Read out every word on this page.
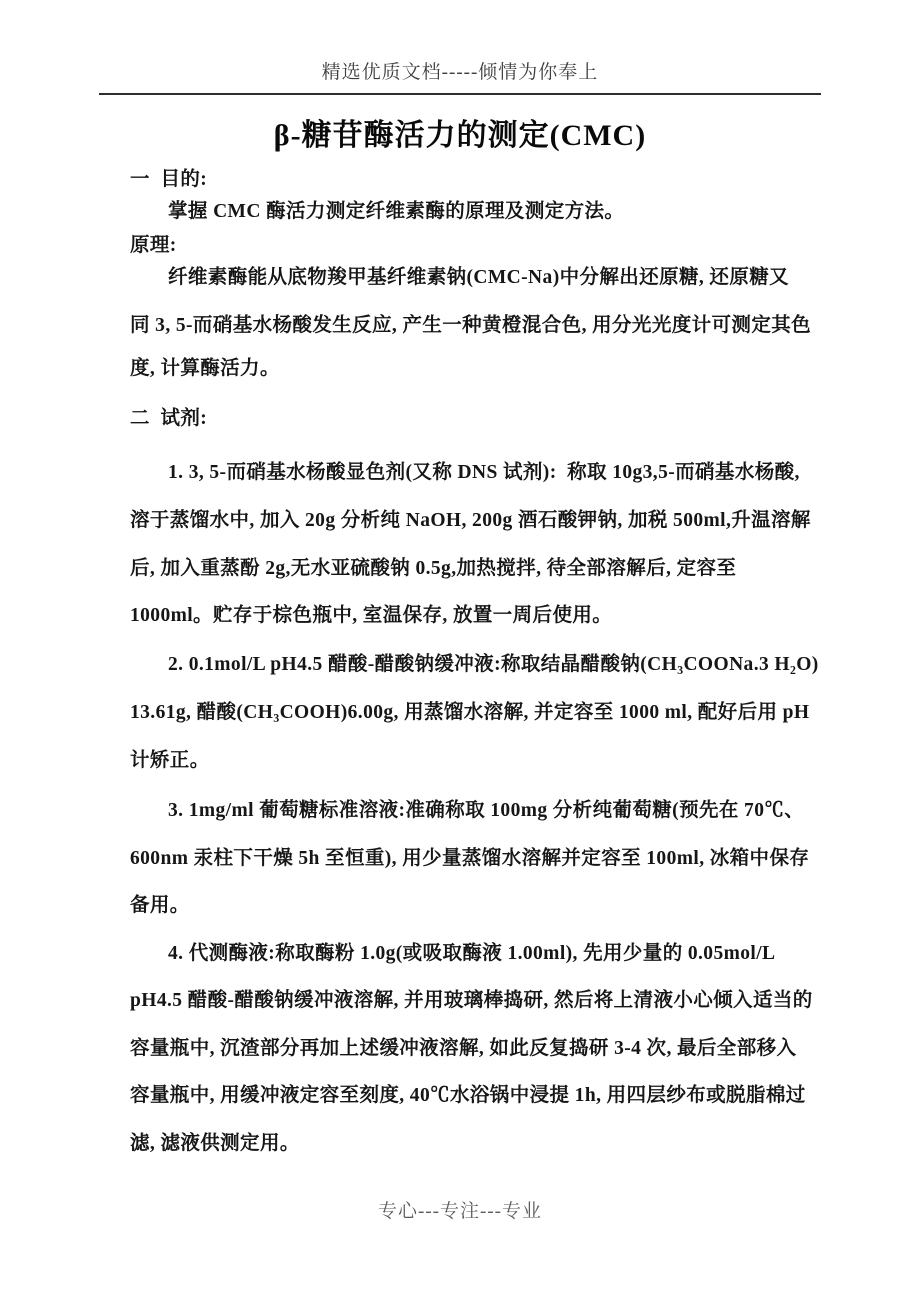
精选优质文档-----倾情为你奉上
β-糖苷酶活力的测定(CMC)
一  目的:
掌握 CMC 酶活力测定纤维素酶的原理及测定方法。
原理:
纤维素酶能从底物羧甲基纤维素钠(CMC-Na)中分解出还原糖, 还原糖又
同 3, 5-而硝基水杨酸发生反应, 产生一种黄橙混合色, 用分光光度计可测定其色
度, 计算酶活力。
二  试剂:
1. 3, 5-而硝基水杨酸显色剂(又称 DNS 试剂):  称取 10g3,5-而硝基水杨酸,
溶于蒸馏水中, 加入 20g 分析纯 NaOH, 200g 酒石酸钾钠, 加税 500ml,升温溶解
后, 加入重蒸酚 2g,无水亚硫酸钠 0.5g,加热搅拌, 待全部溶解后, 定容至
1000ml。贮存于棕色瓶中, 室温保存, 放置一周后使用。
2. 0.1mol/L pH4.5 醋酸-醋酸钠缓冲液:称取结晶醋酸钠(CH₃COONa.3 H₂O)
13.61g, 醋酸(CH₃COOH)6.00g, 用蒸馏水溶解, 并定容至 1000 ml, 配好后用 pH
计矫正。
3. 1mg/ml 葡萄糖标准溶液:准确称取 100mg 分析纯葡萄糖(预先在 70℃、
600nm 汞柱下干燥 5h 至恒重), 用少量蒸馏水溶解并定容至 100ml, 冰箱中保存
备用。
4. 代测酶液:称取酶粉 1.0g(或吸取酶液 1.00ml), 先用少量的 0.05mol/L
pH4.5 醋酸-醋酸钠缓冲液溶解, 并用玻璃棒捣研, 然后将上清液小心倾入适当的
容量瓶中, 沉渣部分再加上述缓冲液溶解, 如此反复捣研 3-4 次, 最后全部移入
容量瓶中, 用缓冲液定容至刻度, 40℃水浴锅中浸提 1h, 用四层纱布或脱脂棉过
滤, 滤液供测定用。
专心---专注---专业
